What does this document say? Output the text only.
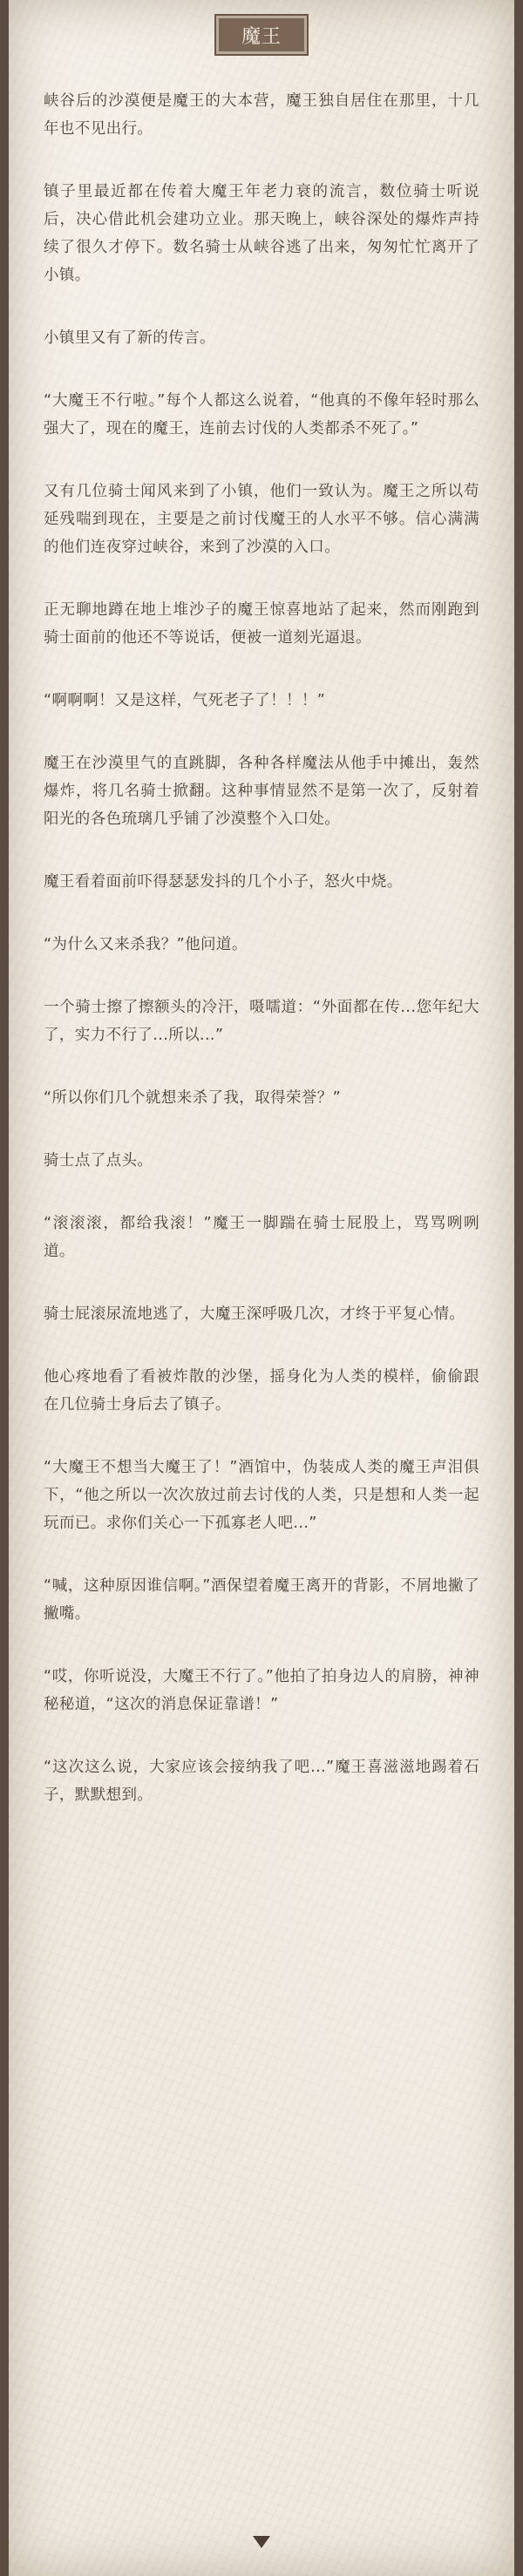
魔王

峡谷后的沙漠便是魔王的大本营，魔王独自居住在那里，十几年也不见出行。

镇子里最近都在传着大魔王年老力衰的流言，数位骑士听说后，决心借此机会建功立业。那天晚上，峡谷深处的爆炸声持续了很久才停下。数名骑士从峡谷逃了出来，匆匆忙忙离开了小镇。

小镇里又有了新的传言。

“大魔王不行啦。”每个人都这么说着，“他真的不像年轻时那么强大了，现在的魔王，连前去讨伐的人类都杀不死了。”

又有几位骑士闻风来到了小镇，他们一致认为。魔王之所以苟延残喘到现在，主要是之前讨伐魔王的人水平不够。信心满满的他们连夜穿过峡谷，来到了沙漠的入口。

正无聊地蹲在地上堆沙子的魔王惊喜地站了起来，然而刚跑到骑士面前的他还不等说话，便被一道刻光逼退。

“啊啊啊！又是这样，气死老子了！！！”

魔王在沙漠里气的直跳脚，各种各样魔法从他手中摊出，轰然爆炸，将几名骑士掀翻。这种事情显然不是第一次了，反射着阳光的各色琉璃几乎铺了沙漠整个入口处。

魔王看着面前吓得瑟瑟发抖的几个小子，怒火中烧。

“为什么又来杀我？”他问道。

一个骑士擦了擦额头的冷汗，嗫嚅道：“外面都在传...您年纪大了，实力不行了...所以...”

“所以你们几个就想来杀了我，取得荣誉？”

骑士点了点头。

“滚滚滚，都给我滚！”魔王一脚踹在骑士屁股上，骂骂咧咧道。

骑士屁滚尿流地逃了，大魔王深呼吸几次，才终于平复心情。

他心疼地看了看被炸散的沙堡，摇身化为人类的模样，偷偷跟在几位骑士身后去了镇子。

“大魔王不想当大魔王了！”酒馆中，伪装成人类的魔王声泪俱下，“他之所以一次次放过前去讨伐的人类，只是想和人类一起玩而已。求你们关心一下孤寡老人吧...”

“喊，这种原因谁信啊。”酒保望着魔王离开的背影，不屑地撇了撇嘴。

“哎，你听说没，大魔王不行了。”他拍了拍身边人的肩膀，神神秘秘道，“这次的消息保证靠谱！”

“这次这么说，大家应该会接纳我了吧...”魔王喜滋滋地踢着石子，默默想到。
